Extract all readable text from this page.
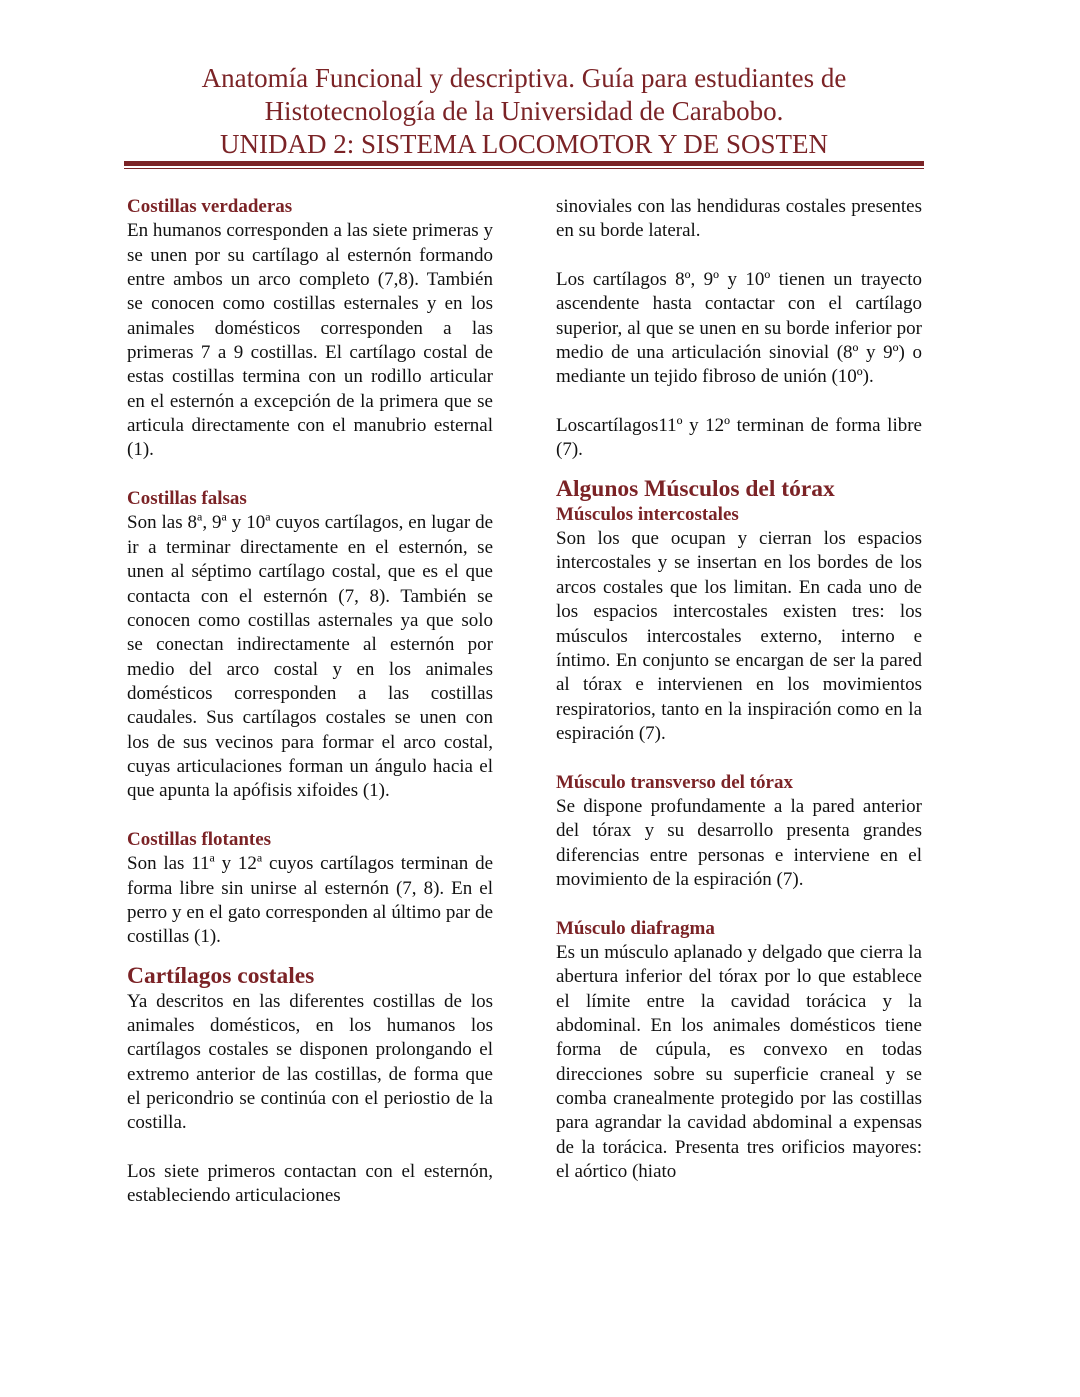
Anatomía Funcional y descriptiva. Guía para estudiantes de
Histotecnología de la Universidad de Carabobo.
UNIDAD 2: SISTEMA LOCOMOTOR Y DE SOSTEN
Costillas verdaderas

En humanos corresponden a las siete primeras y se unen por su cartílago al esternón formando entre ambos un arco completo (7,8). También se conocen como costillas esternales y en los animales domésticos corresponden a las primeras 7 a 9 costillas. El cartílago costal de estas costillas termina con un rodillo articular en el esternón a excepción de la primera que se articula directamente con el manubrio esternal (1).

Costillas falsas

Son las 8$^a$, 9$^a$ y 10$^a$ cuyos cartílagos, en lugar de ir a terminar directamente en el esternón, se unen al séptimo cartílago costal, que es el que contacta con el esternón (7, 8). También se conocen como costillas asternales ya que solo se conectan indirectamente al esternón por medio del arco costal y en los animales domésticos corresponden a las costillas caudales. Sus cartílagos costales se unen con los de sus vecinos para formar el arco costal, cuyas articulaciones forman un ángulo hacia el que apunta la apófisis xifoides (1).

Costillas flotantes

Son las 11$^a$ y 12$^a$ cuyos cartílagos terminan de forma libre sin unirse al esternón (7, 8). En el perro y en el gato corresponden al último par de costillas (1).

Cartílagos costales

Ya descritos en las diferentes costillas de los animales domésticos, en los humanos los cartílagos costales se disponen prolongando el extremo anterior de las costillas, de forma que el pericondrio se continúa con el periostio de la costilla.

Los siete primeros contactan con el esternón, estableciendo articulaciones

sinoviales con las hendiduras costales presentes en su borde lateral.

Los cartílagos 8º, 9º y 10º tienen un trayecto ascendente hasta contactar con el cartílago superior, al que se unen en su borde inferior por medio de una articulación sinovial (8º y 9º) o mediante un tejido fibroso de unión (10º).

Loscartílagos11º y 12º terminan de forma libre (7).

Algunos Músculos del tórax
Músculos intercostales

Son los que ocupan y cierran los espacios intercostales y se insertan en los bordes de los arcos costales que los limitan. En cada uno de los espacios intercostales existen tres: los músculos intercostales externo, interno e íntimo. En conjunto se encargan de ser la pared al tórax e intervienen en los movimientos respiratorios, tanto en la inspiración como en la espiración (7).

Músculo transverso del tórax

Se dispone profundamente a la pared anterior del tórax y su desarrollo presenta grandes diferencias entre personas e interviene en el movimiento de la espiración (7).

Músculo diafragma

Es un músculo aplanado y delgado que cierra la abertura inferior del tórax por lo que establece el límite entre la cavidad torácica y la abdominal. En los animales domésticos tiene forma de cúpula, es convexo en todas direcciones sobre su superficie craneal y se comba cranealmente protegido por las costillas para agrandar la cavidad abdominal a expensas de la torácica. Presenta tres orificios mayores: el aórtico (hiato
